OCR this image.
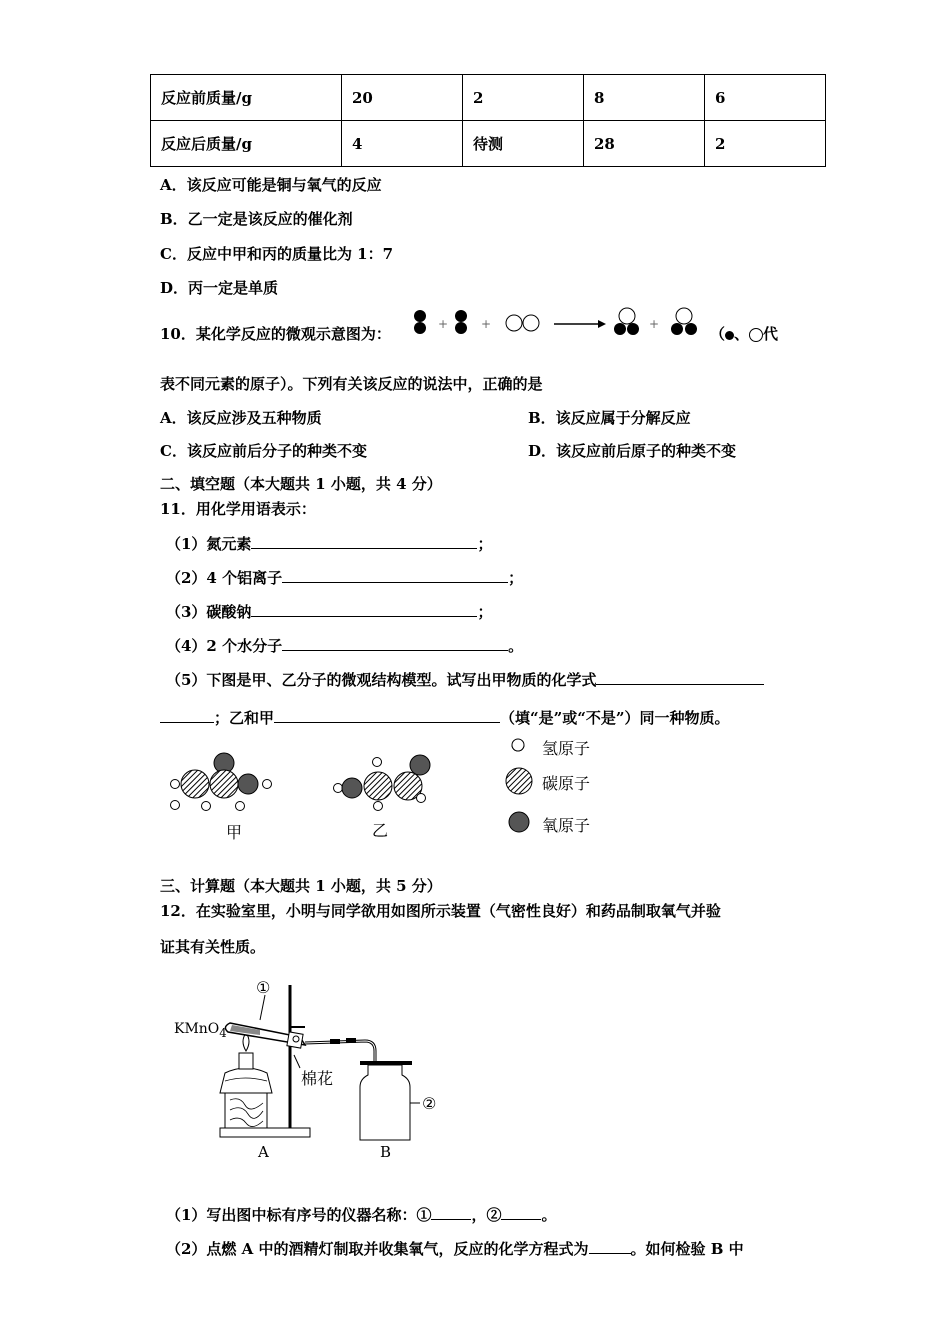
反应前质量/g	20	2	8	6
反应后质量/g	4	待测	28	2
A．该反应可能是铜与氧气的反应
B．乙一定是该反应的催化剂
C．反应中甲和丙的质量比为 1：7
D．丙一定是单质
10．某化学反应的微观示意图为：
+	+	+
（ 、 代
表不同元素的原子）。下列有关该反应的说法中，正确的是
A．该反应涉及五种物质	B．该反应属于分解反应
C．该反应前后分子的种类不变	D．该反应前后原子的种类不变
二、填空题（本大题共 1 小题，共 4 分）
11．用化学用语表示：
（1）氮元素	；
（2）4 个铝离子	；
（3）碳酸钠	；
（4）2 个水分子	。
（5）下图是甲、乙分子的微观结构模型。试写出甲物质的化学式
；乙和甲	（填“是”或“不是”）同一种物质。
氢原子
碳原子
氧原子
甲	乙
三、计算题（本大题共 1 小题，共 5 分）
12．在实验室里，小明与同学欲用如图所示装置（气密性良好）和药品制取氧气并验
证其有关性质。
KMnO$_4$
棉花
①
②
A	B
（1）写出图中标有序号的仪器名称：①	，②	。
（2）点燃 A 中的酒精灯制取并收集氧气，反应的化学方程式为	。如何检验 B 中
